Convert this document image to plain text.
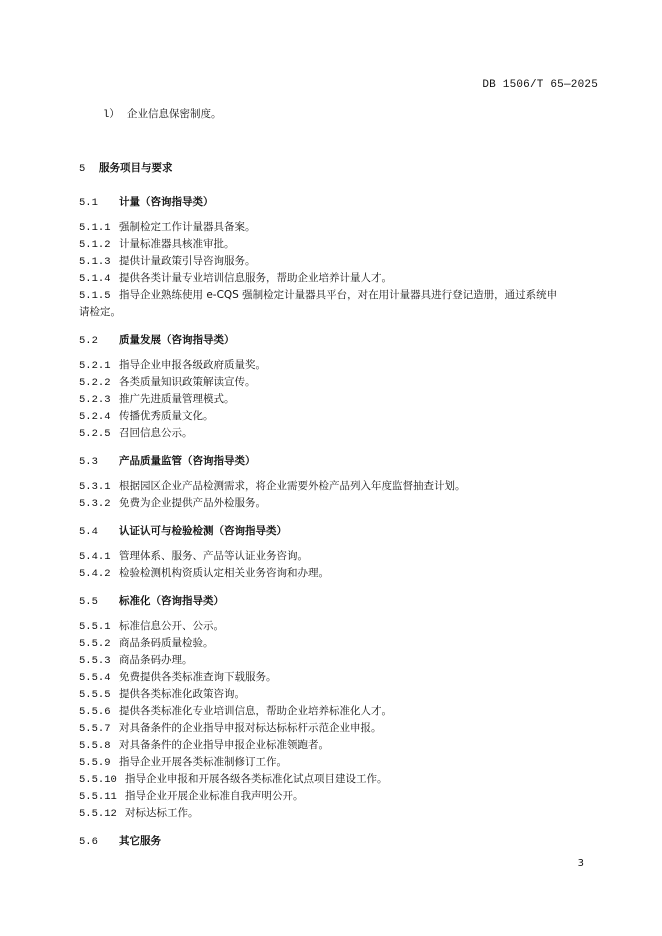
DB 1506/T 65—2025
l） 企业信息保密制度。
5 服务项目与要求
5.1 计量（咨询指导类）
5.1.1 强制检定工作计量器具备案。
5.1.2 计量标准器具核准审批。
5.1.3 提供计量政策引导咨询服务。
5.1.4 提供各类计量专业培训信息服务，帮助企业培养计量人才。
5.1.5 指导企业熟练使用 e-CQS 强制检定计量器具平台，对在用计量器具进行登记造册，通过系统申
请检定。
5.2 质量发展（咨询指导类）
5.2.1 指导企业申报各级政府质量奖。
5.2.2 各类质量知识政策解读宣传。
5.2.3 推广先进质量管理模式。
5.2.4 传播优秀质量文化。
5.2.5 召回信息公示。
5.3 产品质量监管（咨询指导类）
5.3.1 根据园区企业产品检测需求，将企业需要外检产品列入年度监督抽查计划。
5.3.2 免费为企业提供产品外检服务。
5.4 认证认可与检验检测（咨询指导类）
5.4.1 管理体系、服务、产品等认证业务咨询。
5.4.2 检验检测机构资质认定相关业务咨询和办理。
5.5 标准化（咨询指导类）
5.5.1 标准信息公开、公示。
5.5.2 商品条码质量检验。
5.5.3 商品条码办理。
5.5.4 免费提供各类标准查询下载服务。
5.5.5 提供各类标准化政策咨询。
5.5.6 提供各类标准化专业培训信息，帮助企业培养标准化人才。
5.5.7 对具备条件的企业指导申报对标达标标杆示范企业申报。
5.5.8 对具备条件的企业指导申报企业标准领跑者。
5.5.9 指导企业开展各类标准制修订工作。
5.5.10 指导企业申报和开展各级各类标准化试点项目建设工作。
5.5.11 指导企业开展企业标准自我声明公开。
5.5.12 对标达标工作。
5.6 其它服务
3
